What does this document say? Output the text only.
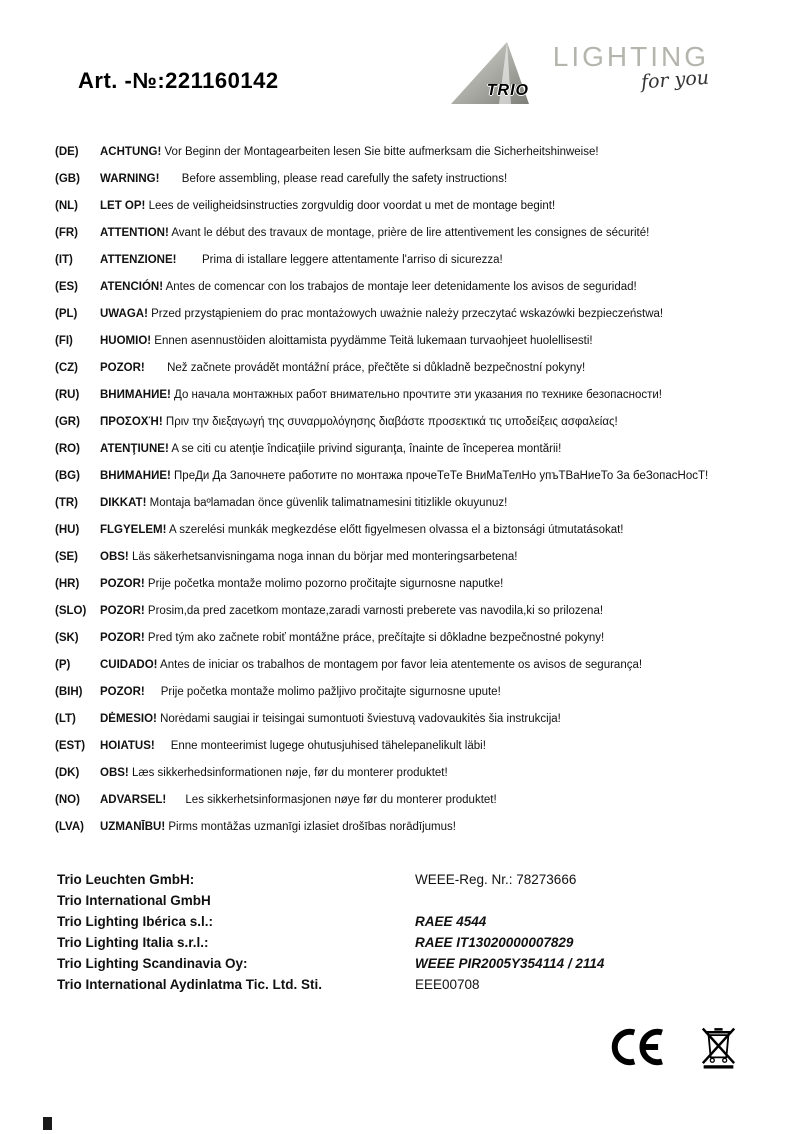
Art. -№:221160142	TRIO
LIGHTING
for you
(DE)	ACHTUNG! Vor Beginn der Montagearbeiten lesen Sie bitte aufmerksam die Sicherheitshinweise!

(GB)	WARNING!       Before assembling, please read carefully the safety instructions!

(NL)	LET OP! Lees de veiligheidsinstructies zorgvuldig door voordat u met de montage begint!

(FR)	ATTENTION! Avant le début des travaux de montage, prière de lire attentivement les consignes de sécurité!

(IT)	ATTENZIONE!        Prima di istallare leggere attentamente l'arriso di sicurezza!

(ES)	ATENCIÓN! Antes de comencar con los trabajos de montaje leer detenidamente los avisos de seguridad!

(PL)	UWAGA! Przed przystąpieniem do prac montażowych uważnie należy przeczytać wskazówki bezpieczeństwa!

(FI)	HUOMIO! Ennen asennustöiden aloittamista pyydämme Teitä lukemaan turvaohjeet huolellisesti!

(CZ)	POZOR!       Než začnete provádět montážní práce, přečtěte si důkladně bezpečnostní pokyny!

(RU)	ВНИМАНИЕ! До начала монтажных работ внимательно прочтите эти указания по технике безопасности!

(GR)	ΠΡΟΣΟΧΉ! Πριν την διεξαγωγή της συναρμολόγησης διαβάστε προσεκτικά τις υποδείξεις ασφαλείας!

(RO)	ATENŢIUNE! A se citi cu atenţie îndicaţiile privind siguranţa, înainte de începerea montării!

(BG)	ВНИМАНИЕ! ПреДи Да Започнете работите по монтажа прочеТеТе ВниМаТелНо упъТВаНиеТо За беЗопасНосТ!

(TR)	DIKKAT! Montaja baºlamadan önce güvenlik talimatnamesini titizlikle okuyunuz!

(HU)	FLGYELEM! A szerelési munkák megkezdése előtt figyelmesen olvassa el a biztonsági útmutatásokat!

(SE)	OBS! Läs säkerhetsanvisningama noga innan du börjar med monteringsarbetena!

(HR)	POZOR! Prije početka montaže molimo pozorno pročitajte sigurnosne naputke!

(SLO)	POZOR! Prosim,da pred zacetkom montaze,zaradi varnosti preberete vas navodila,ki so prilozena!

(SK)	POZOR! Pred tým ako začnete robiť montážne práce, prečítajte si dôkladne bezpečnostné pokyny!

(P)	CUIDADO! Antes de iniciar os trabalhos de montagem por favor leia atentemente os avisos de segurança!

(BIH)	POZOR!     Prije početka montaže molimo pažljivo pročitajte sigurnosne upute!

(LT)	DĖMESIO! Norėdami saugiai ir teisingai sumontuoti šviestuvą vadovaukitės šia instrukcija!

(EST)	HOIATUS!     Enne monteerimist lugege ohutusjuhised tähelepanelikult läbi!

(DK)	OBS! Læs sikkerhedsinformationen nøje, før du monterer produktet!

(NO)	ADVARSEL!      Les sikkerhetsinformasjonen nøye før du monterer produktet!

(LVA)	UZMANĪBU! Pirms montāžas uzmanīgi izlasiet drošības norādījumus!

Trio Leuchten GmbH:	WEEE-Reg. Nr.: 78273666
Trio International GmbH
Trio Lighting Ibérica s.l.:	RAEE 4544
Trio Lighting Italia s.r.l.:	RAEE IT13020000007829
Trio Lighting Scandinavia Oy:	WEEE PIR2005Y354114 / 2114
Trio International Aydinlatma Tic. Ltd. Sti.	EEE00708
